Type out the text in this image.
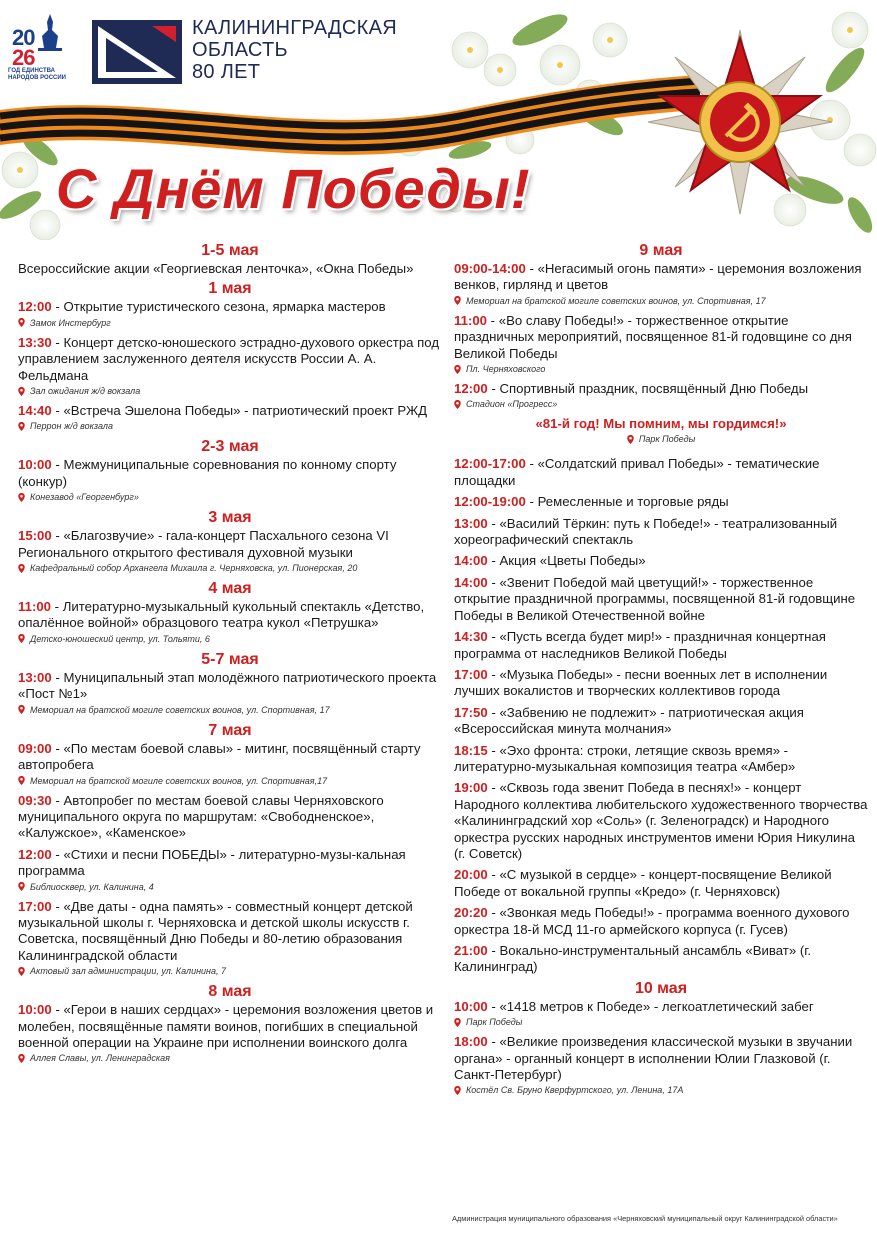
20
26
ГОД ЕДИНСТВА НАРОДОВ РОССИИ
КАЛИНИНГРАДСКАЯ
ОБЛАСТЬ
80 ЛЕТ
С Днём Победы!
1-5 мая
Всероссийские акции «Георгиевская ленточка», «Окна Победы»
1 мая
12:00 - Открытие туристического сезона, ярмарка мастеров
Замок Инстербург
13:30 - Концерт детско-юношеского эстрадно-духового оркестра под управлением заслуженного деятеля искусств России А. А. Фельдмана
Зал ожидания ж/д вокзала
14:40 - «Встреча Эшелона Победы» - патриотический проект РЖД
Перрон ж/д вокзала
2-3 мая
10:00 - Межмуниципальные соревнования по конному спорту (конкур)
Конезавод «Георгенбург»
3 мая
15:00 - «Благозвучие» - гала-концерт Пасхального сезона VI Регионального открытого фестиваля духовной музыки
Кафедральный собор Архангела Михаила г. Черняховска, ул. Пионерская, 20
4 мая
11:00 - Литературно-музыкальный кукольный спектакль «Детство, опалённое войной» образцового театра кукол «Петрушка»
Детско-юношеский центр, ул. Тольяти, 6
5-7 мая
13:00 - Муниципальный этап молодёжного патриотического проекта «Пост №1»
Мемориал на братской могиле советских воинов, ул. Спортивная, 17
7 мая
09:00 - «По местам боевой славы» - митинг, посвящённый старту автопробега
Мемориал на братской могиле советских воинов, ул. Спортивная,17
09:30 - Автопробег по местам боевой славы Черняховского муниципального округа по маршрутам: «Свободненское», «Калужское», «Каменское»
12:00 - «Стихи и песни ПОБЕДЫ» - литературно-музы-кальная программа
Библиосквер, ул. Калинина, 4
17:00 - «Две даты - одна память» - совместный концерт детской музыкальной школы г. Черняховска и детской школы искусств г. Советска, посвящённый Дню Победы и 80-летию образования Калининградской области
Актовый зал администрации, ул. Калинина, 7
8 мая
10:00 - «Герои в наших сердцах» - церемония возложения цветов и молебен, посвящённые памяти воинов, погибших в специальной военной операции на Украине при исполнении воинского долга
Аллея Славы, ул. Ленинградская
9 мая
09:00-14:00 - «Негасимый огонь памяти» - церемония возложения венков, гирлянд и цветов
Мемориал на братской могиле советских воинов, ул. Спортивная, 17
11:00 - «Во славу Победы!» - торжественное открытие праздничных мероприятий, посвященное 81-й годовщине со дня Великой Победы
Пл. Черняховского
12:00 - Спортивный праздник, посвящённый Дню Победы
Стадион «Прогресс»
«81-й год! Мы помним, мы гордимся!»
Парк Победы
12:00-17:00 - «Солдатский привал Победы» - тематические площадки
12:00-19:00 - Ремесленные и торговые ряды
13:00 - «Василий Тёркин: путь к Победе!» - театрализованный хореографический спектакль
14:00 - Акция «Цветы Победы»
14:00 - «Звенит Победой май цветущий!» - торжественное открытие праздничной программы, посвященной 81-й годовщине Победы в Великой Отечественной войне
14:30 - «Пусть всегда будет мир!» - праздничная концертная программа от наследников Великой Победы
17:00 - «Музыка Победы» - песни военных лет в исполнении лучших вокалистов и творческих коллективов города
17:50 - «Забвению не подлежит» - патриотическая акция «Всероссийская минута молчания»
18:15 - «Эхо фронта: строки, летящие сквозь время» - литературно-музыкальная композиция театра «Амбер»
19:00 - «Сквозь года звенит Победа в песнях!» - концерт Народного коллектива любительского художественного творчества «Калининградский хор «Соль» (г. Зеленоградск) и Народного оркестра русских народных инструментов имени Юрия Никулина (г. Советск)
20:00 - «С музыкой в сердце» - концерт-посвящение Великой Победе от вокальной группы «Кредо» (г. Черняховск)
20:20 - «Звонкая медь Победы!» - программа военного духового оркестра 18-й МСД 11-го армейского корпуса (г. Гусев)
21:00 - Вокально-инструментальный ансамбль «Виват» (г. Калининград)
10 мая
10:00 - «1418 метров к Победе» - легкоатлетический забег
Парк Победы
18:00 - «Великие произведения классической музыки в звучании органа» - органный концерт в исполнении Юлии Глазковой (г. Санкт-Петербург)
Костёл Св. Бруно Кверфуртского, ул. Ленина, 17А
Администрация муниципального образования «Черняховский муниципальный округ Калининградской области»
